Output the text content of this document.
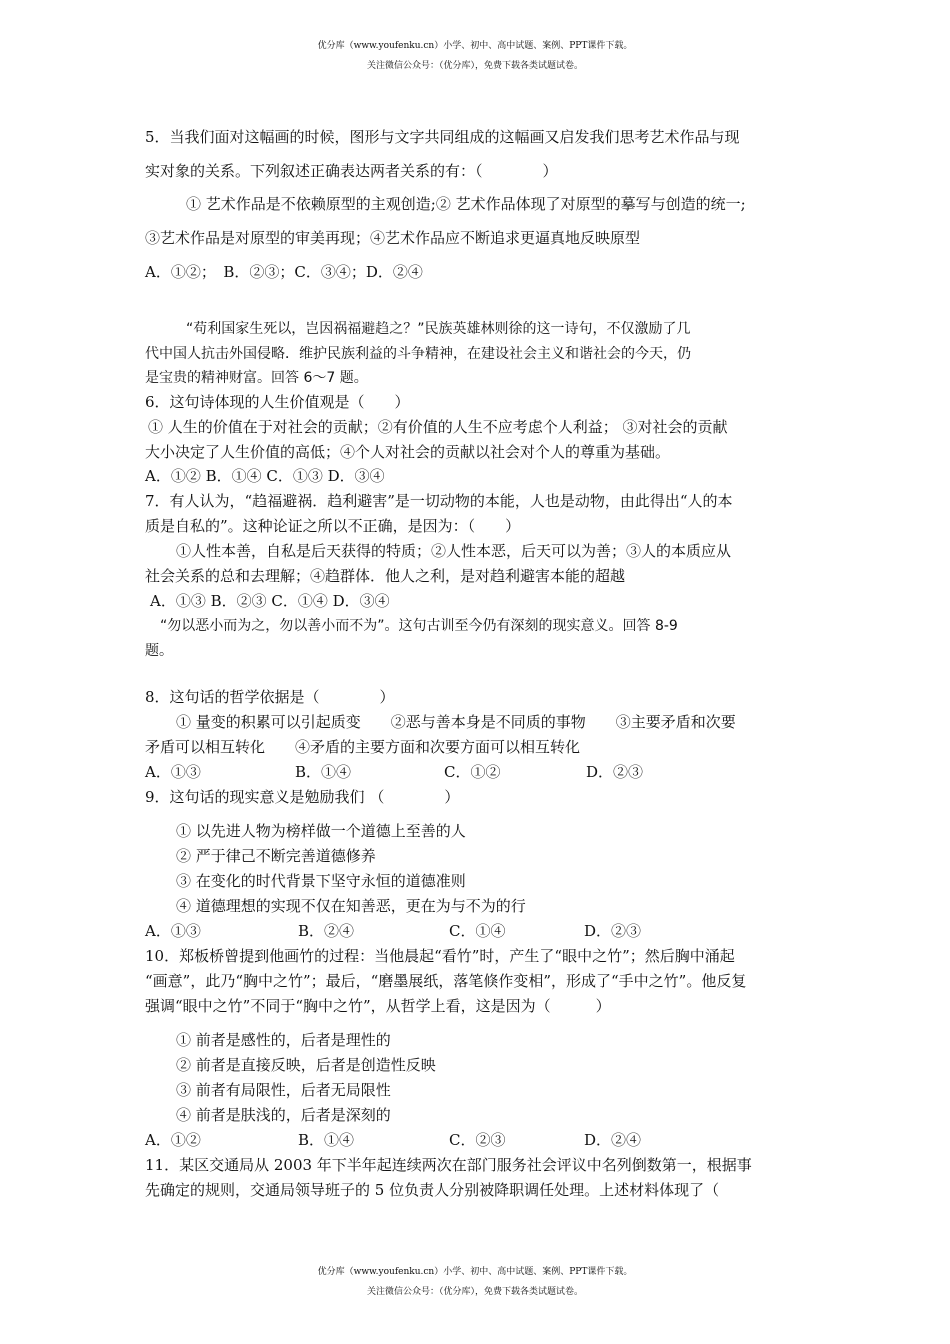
优分库（www.youfenku.cn）小学、初中、高中试题、案例、PPT课件下载。
关注微信公众号：（优分库），免费下载各类试题试卷。
5．当我们面对这幅画的时候，图形与文字共同组成的这幅画又启发我们思考艺术作品与现
实对象的关系。下列叙述正确表达两者关系的有：（　　　　）
① 艺术作品是不依赖原型的主观创造;② 艺术作品体现了对原型的摹写与创造的统一;
③艺术作品是对原型的审美再现；④艺术作品应不断追求更逼真地反映原型
A．①②；　B．②③；C．③④；D．②④
“苟利国家生死以，岂因祸福避趋之？”民族英雄林则徐的这一诗句，不仅激励了几
代中国人抗击外国侵略．维护民族利益的斗争精神，在建设社会主义和谐社会的今天，仍
是宝贵的精神财富。回答 6～7 题。
6．这句诗体现的人生价值观是（　　）
① 人生的价值在于对社会的贡献；②有价值的人生不应考虑个人利益； ③对社会的贡献
大小决定了人生价值的高低；④个人对社会的贡献以社会对个人的尊重为基础。
A．①② B．①④ C．①③ D．③④
7．有人认为，“趋福避祸．趋利避害”是一切动物的本能，人也是动物，由此得出“人的本
质是自私的”。这种论证之所以不正确，是因为：（　　）
①人性本善，自私是后天获得的特质；②人性本恶，后天可以为善；③人的本质应从
社会关系的总和去理解；④趋群体．他人之利，是对趋利避害本能的超越
A．①③ B．②③ C．①④ D．③④
“勿以恶小而为之，勿以善小而不为”。这句古训至今仍有深刻的现实意义。回答 8-9
题。
8．这句话的哲学依据是（　　　　）
① 量变的积累可以引起质变　　②恶与善本身是不同质的事物　　③主要矛盾和次要
矛盾可以相互转化　　④矛盾的主要方面和次要方面可以相互转化
A．①③	B．①④	C．①②	D．②③
9．这句话的现实意义是勉励我们 （　　　　）
① 以先进人物为榜样做一个道德上至善的人
② 严于律己不断完善道德修养
③ 在变化的时代背景下坚守永恒的道德准则
④ 道德理想的实现不仅在知善恶，更在为与不为的行
A．①③	B．②④	C．①④	D．②③
10．郑板桥曾提到他画竹的过程：当他晨起“看竹”时，产生了“眼中之竹”；然后胸中涌起
“画意”，此乃“胸中之竹”；最后，“磨墨展纸，落笔倏作变相”，形成了“手中之竹”。他反复
强调“眼中之竹”不同于“胸中之竹”，从哲学上看，这是因为（　　　）
① 前者是感性的，后者是理性的
② 前者是直接反映，后者是创造性反映
③ 前者有局限性，后者无局限性
④ 前者是肤浅的，后者是深刻的
A．①②	B．①④	C．②③	D．②④
11．某区交通局从 2003 年下半年起连续两次在部门服务社会评议中名列倒数第一，根据事
先确定的规则，交通局领导班子的 5 位负责人分别被降职调任处理。上述材料体现了（
优分库（www.youfenku.cn）小学、初中、高中试题、案例、PPT课件下载。
关注微信公众号：（优分库），免费下载各类试题试卷。
